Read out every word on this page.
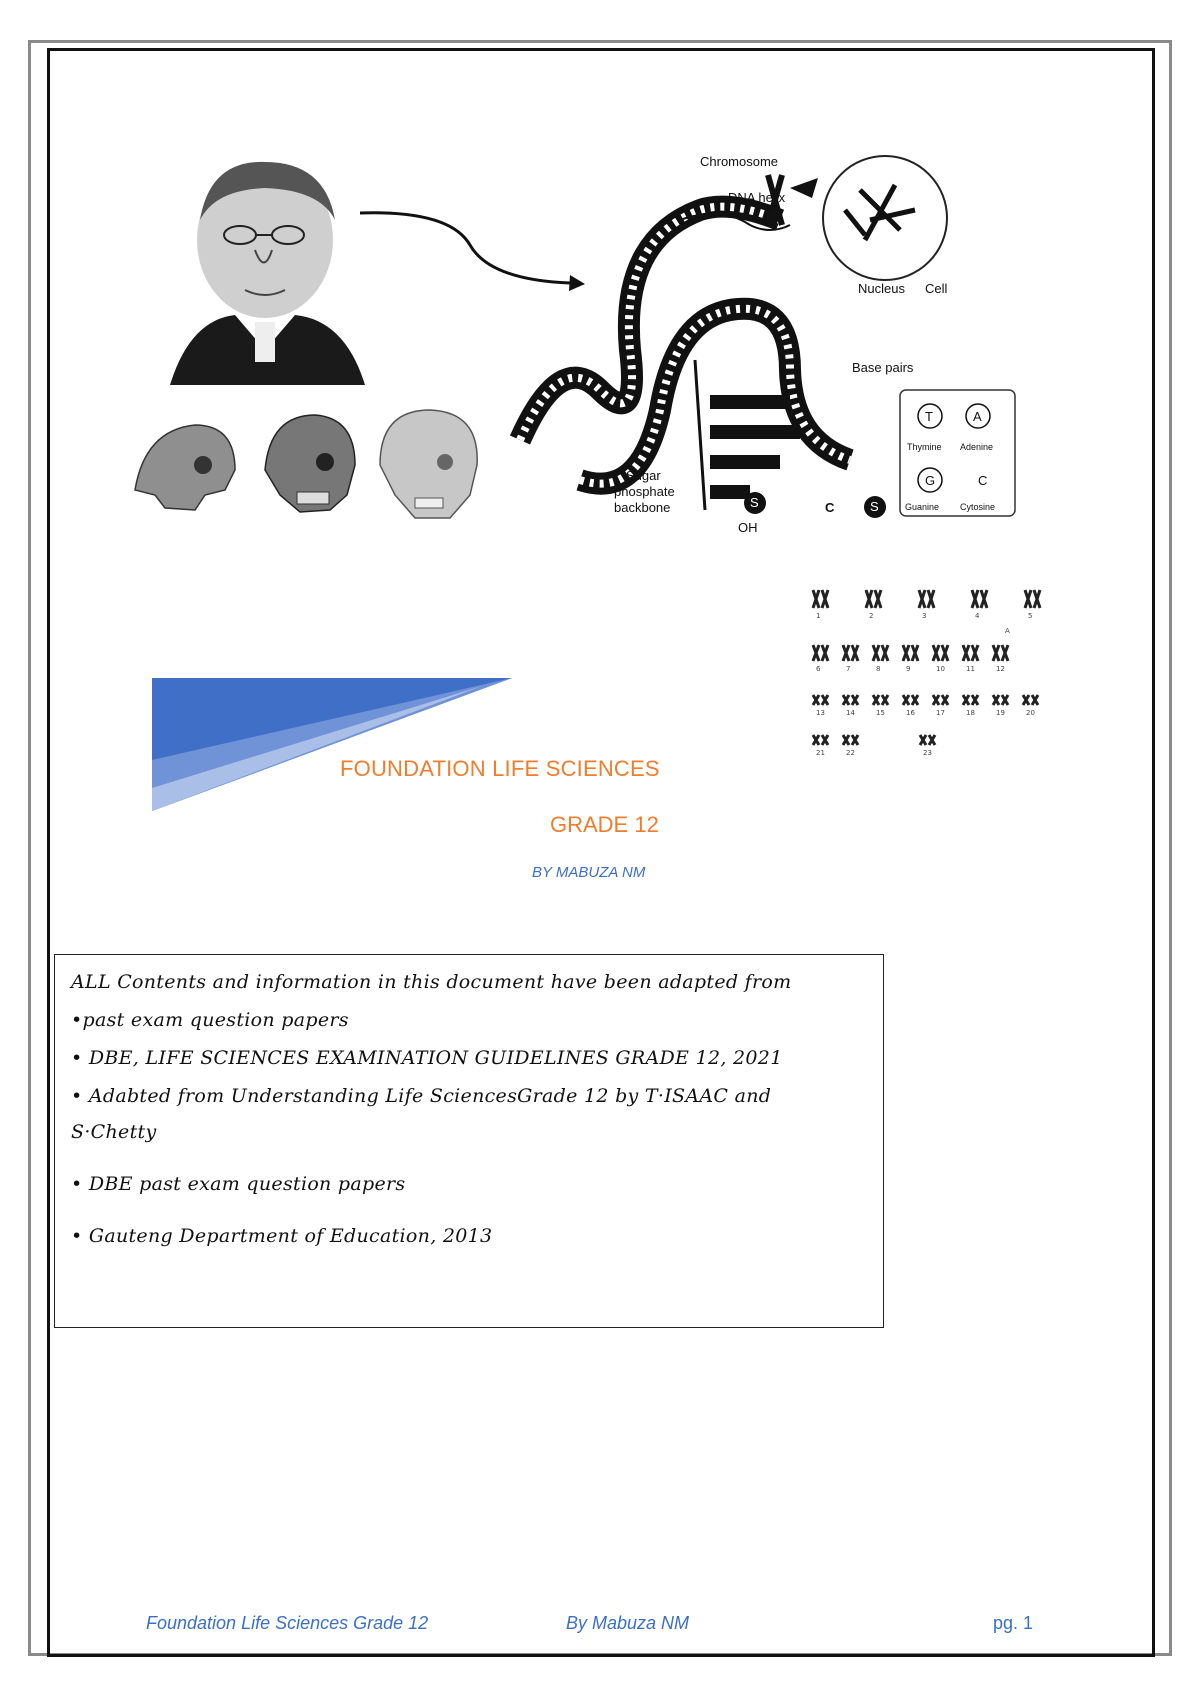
Chromosome
DNA helix
Nucleus Cell
Base pairs
S	S
C
Sugar
phosphate
backbone
OH
T	A
Thymine Adenine
G	C
Guanine Cytosine
1	2	3	4	5
6	7	8	9	10	11	12
13	14	15	16	17	18	19	20
21	22	23
A
FOUNDATION LIFE SCIENCES
GRADE 12
BY MABUZA NM
ALL Contents and information in this document have been adapted from
•past exam question papers
• DBE, LIFE SCIENCES EXAMINATION GUIDELINES GRADE 12, 2021
• Adabted from Understanding Life SciencesGrade 12 by T·ISAAC and
S·Chetty
• DBE past exam question papers
• Gauteng Department of Education, 2013
Foundation Life Sciences Grade 12	By Mabuza NM	pg. 1
